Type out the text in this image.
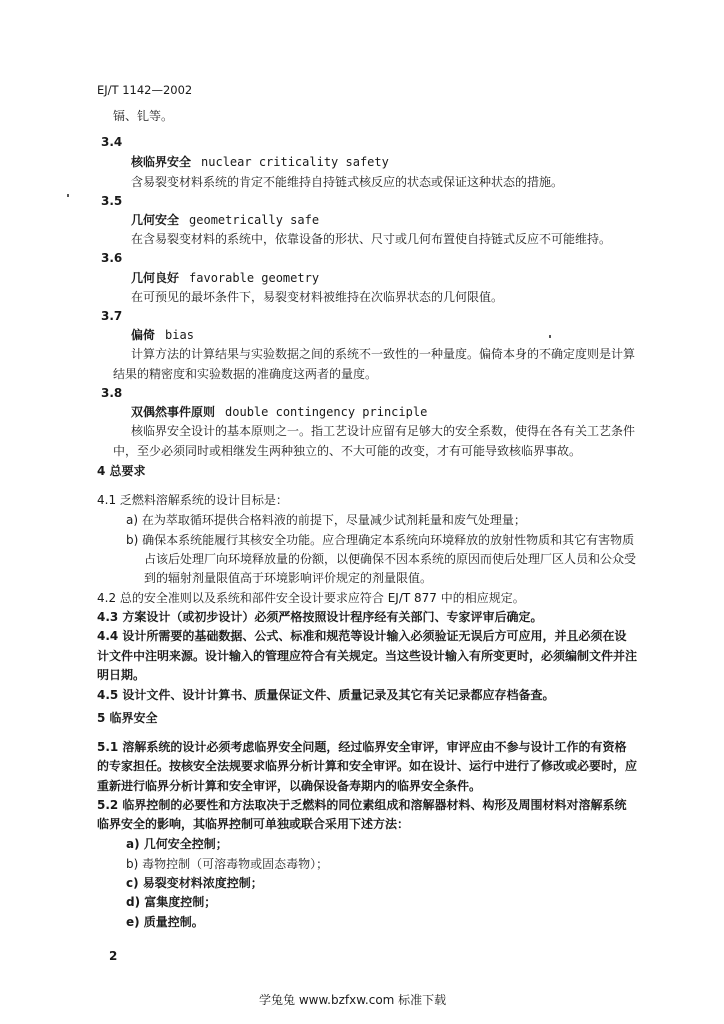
EJ/T 1142—2002
镉、钆等。
3.4
核临界安全 nuclear criticality safety
含易裂变材料系统的肯定不能维持自持链式核反应的状态或保证这种状态的措施。
3.5
几何安全 geometrically safe
在含易裂变材料的系统中，依靠设备的形状、尺寸或几何布置使自持链式反应不可能维持。
3.6
几何良好 favorable geometry
在可预见的最坏条件下，易裂变材料被维持在次临界状态的几何限值。
3.7
偏倚 bias
计算方法的计算结果与实验数据之间的系统不一致性的一种量度。偏倚本身的不确定度则是计算
结果的精密度和实验数据的准确度这两者的量度。
3.8
双偶然事件原则 double contingency principle
核临界安全设计的基本原则之一。指工艺设计应留有足够大的安全系数，使得在各有关工艺条件
中，至少必须同时或相继发生两种独立的、不大可能的改变，才有可能导致核临界事故。
4 总要求
4.1 乏燃料溶解系统的设计目标是：
a) 在为萃取循环提供合格料液的前提下，尽量减少试剂耗量和废气处理量；
b) 确保本系统能履行其核安全功能。应合理确定本系统向环境释放的放射性物质和其它有害物质
占该后处理厂向环境释放量的份额，以便确保不因本系统的原因而使后处理厂区人员和公众受
到的辐射剂量限值高于环境影响评价规定的剂量限值。
4.2 总的安全准则以及系统和部件安全设计要求应符合 EJ/T 877 中的相应规定。
4.3 方案设计（或初步设计）必须严格按照设计程序经有关部门、专家评审后确定。
4.4 设计所需要的基础数据、公式、标准和规范等设计输入必须验证无误后方可应用，并且必须在设
计文件中注明来源。设计输入的管理应符合有关规定。当这些设计输入有所变更时，必须编制文件并注
明日期。
4.5 设计文件、设计计算书、质量保证文件、质量记录及其它有关记录都应存档备查。
5 临界安全
5.1 溶解系统的设计必须考虑临界安全问题，经过临界安全审评，审评应由不参与设计工作的有资格
的专家担任。按核安全法规要求临界分析计算和安全审评。如在设计、运行中进行了修改或必要时，应
重新进行临界分析计算和安全审评，以确保设备寿期内的临界安全条件。
5.2 临界控制的必要性和方法取决于乏燃料的同位素组成和溶解器材料、构形及周围材料对溶解系统
临界安全的影响，其临界控制可单独或联合采用下述方法：
a) 几何安全控制；
b) 毒物控制（可溶毒物或固态毒物）；
c) 易裂变材料浓度控制；
d) 富集度控制；
e) 质量控制。
2
学兔兔 www.bzfxw.com 标准下载
